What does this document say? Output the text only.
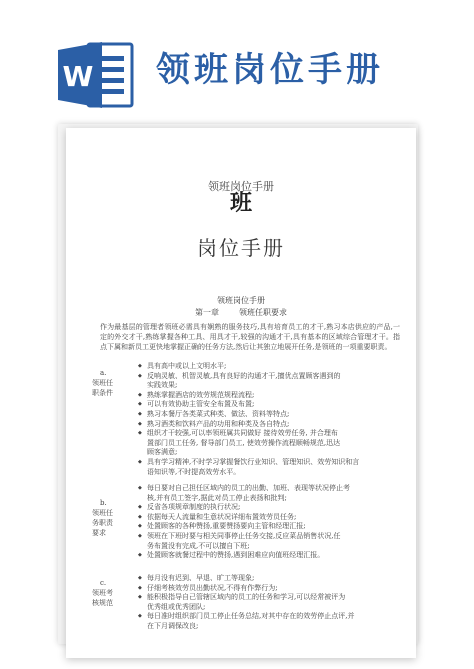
W 领班岗位手册
领班岗位手册
班
岗位手册
领班岗位手册
第一章	领班任职要求
作为最基层的管理者领班必需具有娴熟的服务技巧,具有培育员工的才干,熟习本店供应的产品,一定的外交才干,熟练掌握各种工具、用具才干,较强的沟通才干,具有基本的区域综合管理才干。指点下属和新员工更快地掌握正确的任务方法,然后让其独立地展开任务,是领班的一项重要职责。
a.
领班任
职条件
◆ 具有高中或以上文明水平;
◆ 反响灵敏、机智灵敏,具有良好的沟通才干,擅优点置顾客遇到的
实践效果;
◆ 熟练掌握酒店的效劳规范规程流程;
◆ 可以有效协助主管安全布置及布置;
◆ 熟习本餐厅各类菜式种类、做法、资料等特点;
◆ 熟习酒类和饮料产品的功用和种类及各自特点;
◆ 组织才干较强,可以率领班属共同做好 接待效劳任务, 并合理布
置部门员工任务, 督导部门员工, 使效劳操作流程顺畅规范,迅达
顾客满意;
◆ 具有学习精神,不时学习掌握餐饮行业知识、管理知识、效劳知识和言
语知识等,不时提高效劳水平。
b.
领班任
务职责
要求
◆ 每日要对自己担任区域内的员工的出勤、加班、表现等状况停止考
核,并有员工签字,据此对员工停止表扬和批判;
◆ 反省各项规章制度的执行状况;
◆ 依据每天人流量和生意状况详细布置效劳员任务;
◆ 处置顾客的各种赞扬,重要赞扬要向主管和经理汇报;
◆ 领班在下班时要与相关同事停止任务交接,反应菜品销售状况,任
务布置没有完成,不可以擅自下班;
◆ 处置顾客就餐过程中的赞扬,遇到困难应向值班经理汇报。
c.
领班考
核规范
◆ 每月没有迟到、早退、旷工等现象;
◆ 仔细考核效劳员出勤状况,不得有作弊行为;
◆ 能积极指导自己管辖区域内的员工的任务和学习,可以经常被评为
优秀组或优秀团队;
◆ 每日准时组织部门员工停止任务总结,对其中存在的效劳停止点评,并
在下月调保改良;
